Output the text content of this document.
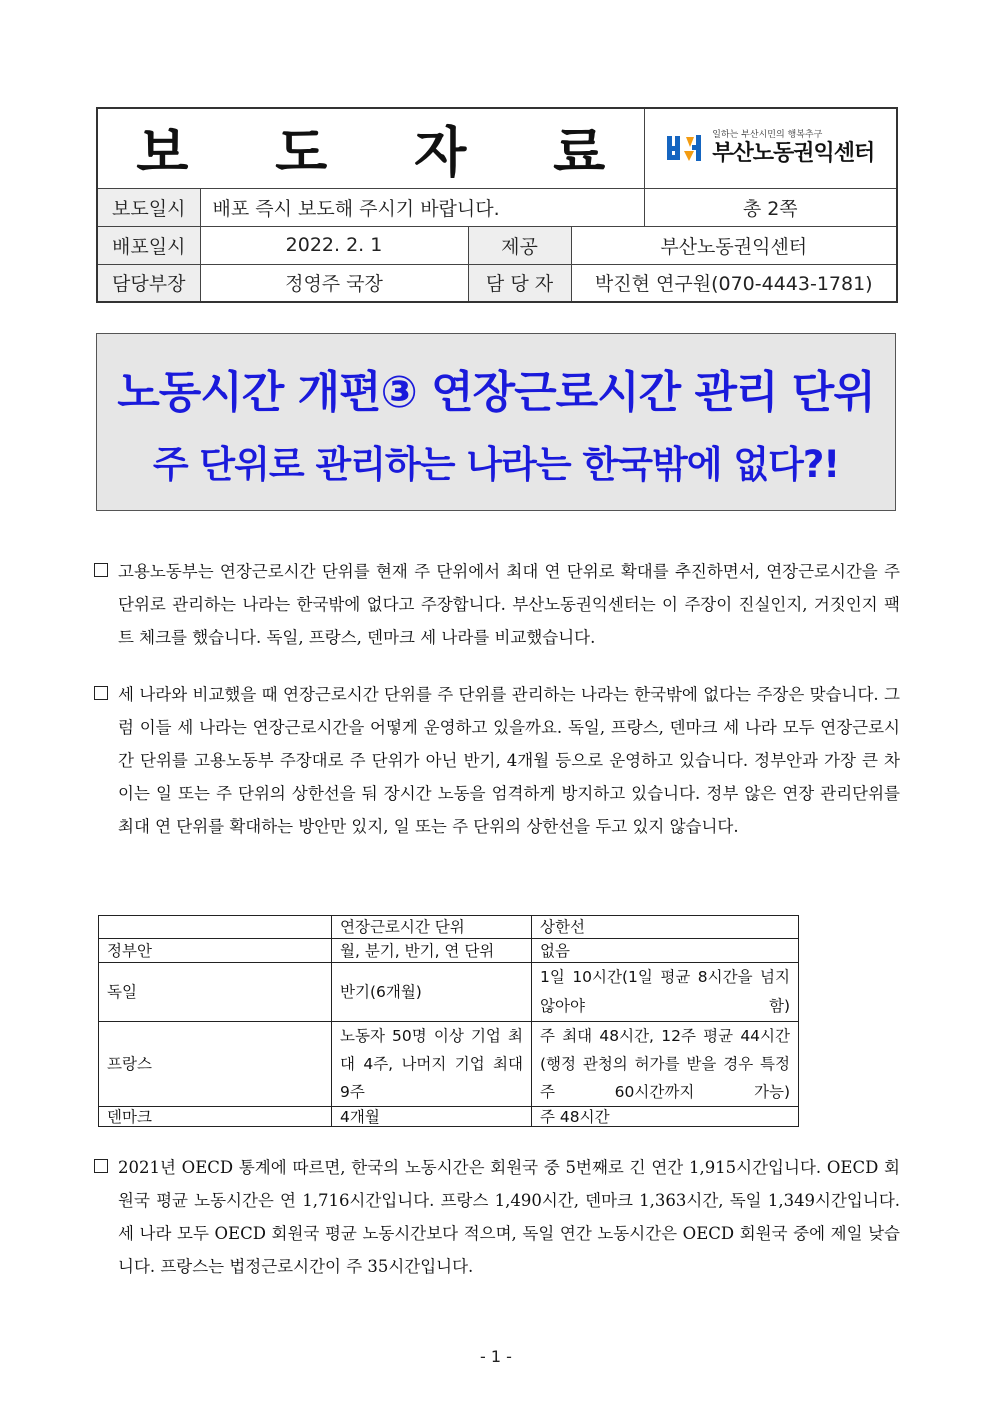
보 도 자 료				일하는 부산시민의 행복추구
부산노동권익센터

보도일시	배포 즉시 보도해 주시기 바랍니다.			총 2쪽
배포일시	2022. 2. 1	제공	부산노동권익센터	
담당부장	정영주 국장	담 당 자	박진현 연구원(070-4443-1781)	
노동시간 개편③ 연장근로시간 관리 단위
주 단위로 관리하는 나라는 한국밖에 없다?!
고용노동부는 연장근로시간 단위를 현재 주 단위에서 최대 연 단위로 확대를 추진하면서, 연장근로시간을 주 단위로 관리하는 나라는 한국밖에 없다고 주장합니다. 부산노동권익센터는 이 주장이 진실인지, 거짓인지 팩트 체크를 했습니다. 독일, 프랑스, 덴마크 세 나라를 비교했습니다.
세 나라와 비교했을 때 연장근로시간 단위를 주 단위를 관리하는 나라는 한국밖에 없다는 주장은 맞습니다. 그럼 이들 세 나라는 연장근로시간을 어떻게 운영하고 있을까요. 독일, 프랑스, 덴마크 세 나라 모두 연장근로시간 단위를 고용노동부 주장대로 주 단위가 아닌 반기, 4개월 등으로 운영하고 있습니다. 정부안과 가장 큰 차이는 일 또는 주 단위의 상한선을 둬 장시간 노동을 엄격하게 방지하고 있습니다. 정부 않은 연장 관리단위를 최대 연 단위를 확대하는 방안만 있지, 일 또는 주 단위의 상한선을 두고 있지 않습니다.
	연장근로시간 단위	상한선
정부안	월, 분기, 반기, 연 단위	없음
독일	반기(6개월)	1일 10시간(1일 평균 8시간을 넘지 않아야 함)
프랑스	노동자 50명 이상 기업 최대 4주, 나머지 기업 최대 9주	주 최대 48시간, 12주 평균 44시간(행정 관청의 허가를 받을 경우 특정주 60시간까지 가능)
덴마크	4개월	주 48시간
2021년 OECD 통계에 따르면, 한국의 노동시간은 회원국 중 5번째로 긴 연간 1,915시간입니다. OECD 회원국 평균 노동시간은 연 1,716시간입니다. 프랑스 1,490시간, 덴마크 1,363시간, 독일 1,349시간입니다. 세 나라 모두 OECD 회원국 평균 노동시간보다 적으며, 독일 연간 노동시간은 OECD 회원국 중에 제일 낮습니다. 프랑스는 법정근로시간이 주 35시간입니다.
- 1 -
